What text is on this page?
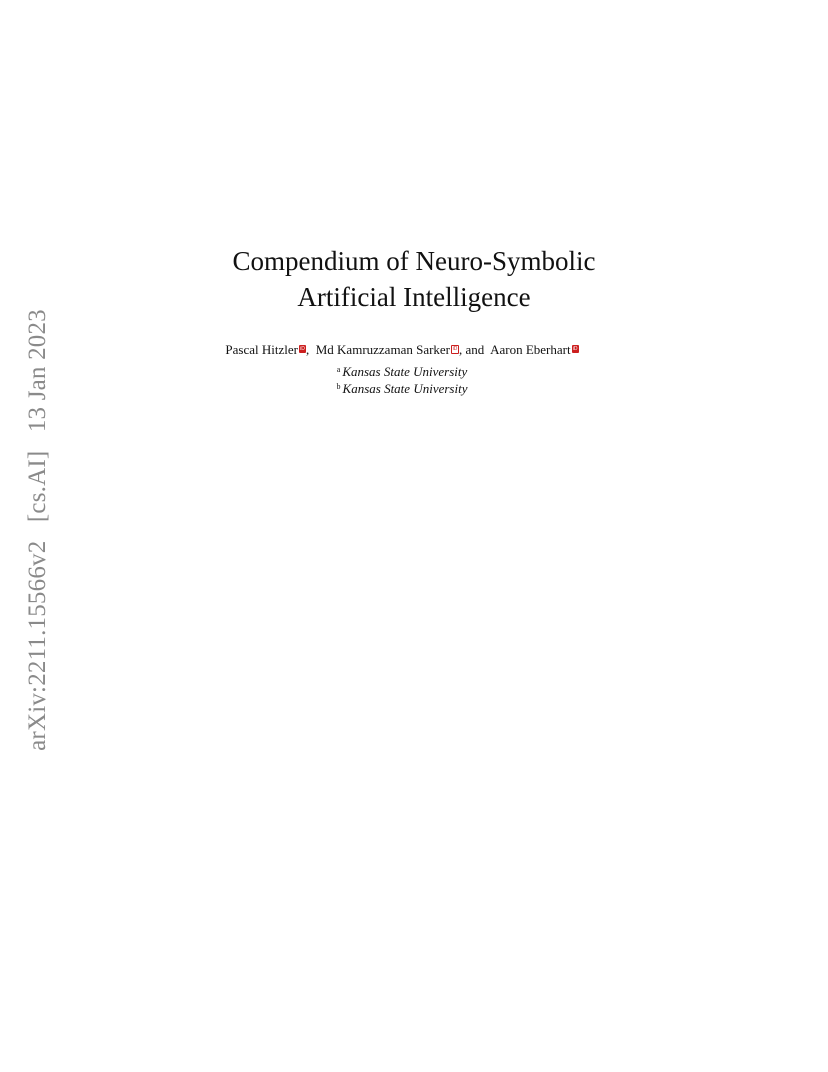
arXiv:2211.15566v2 [cs.AI] 13 Jan 2023
Compendium of Neuro-Symbolic
Artificial Intelligence
Pascal Hitzler iD,  Md Kamruzzaman Sarker iD , and  Aaron Eberhart iD
$^a$ Kansas State University
$^b$ Kansas State University
